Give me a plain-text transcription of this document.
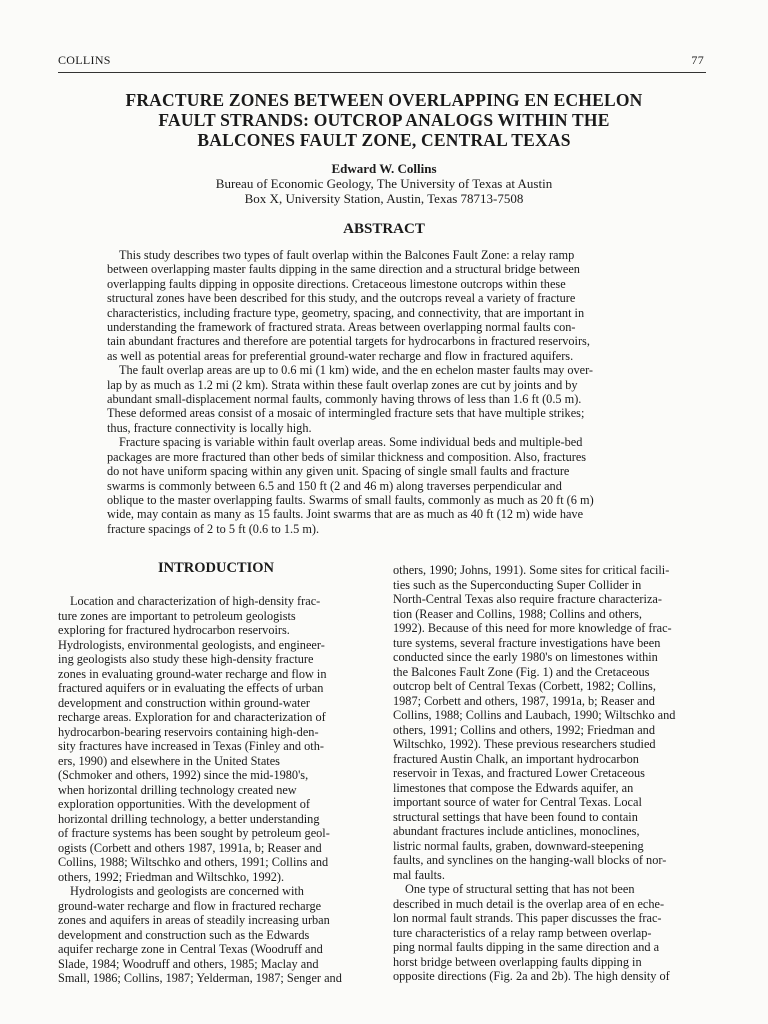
COLLINS	77
FRACTURE ZONES BETWEEN OVERLAPPING EN ECHELON
FAULT STRANDS: OUTCROP ANALOGS WITHIN THE
BALCONES FAULT ZONE, CENTRAL TEXAS
Edward W. Collins
Bureau of Economic Geology, The University of Texas at Austin
Box X, University Station, Austin, Texas 78713-7508
ABSTRACT
This study describes two types of fault overlap within the Balcones Fault Zone: a relay ramp
between overlapping master faults dipping in the same direction and a structural bridge between
overlapping faults dipping in opposite directions. Cretaceous limestone outcrops within these
structural zones have been described for this study, and the outcrops reveal a variety of fracture
characteristics, including fracture type, geometry, spacing, and connectivity, that are important in
understanding the framework of fractured strata. Areas between overlapping normal faults con-
tain abundant fractures and therefore are potential targets for hydrocarbons in fractured reservoirs,
as well as potential areas for preferential ground-water recharge and flow in fractured aquifers.
The fault overlap areas are up to 0.6 mi (1 km) wide, and the en echelon master faults may over-
lap by as much as 1.2 mi (2 km). Strata within these fault overlap zones are cut by joints and by
abundant small-displacement normal faults, commonly having throws of less than 1.6 ft (0.5 m).
These deformed areas consist of a mosaic of intermingled fracture sets that have multiple strikes;
thus, fracture connectivity is locally high.
Fracture spacing is variable within fault overlap areas. Some individual beds and multiple-bed
packages are more fractured than other beds of similar thickness and composition. Also, fractures
do not have uniform spacing within any given unit. Spacing of single small faults and fracture
swarms is commonly between 6.5 and 150 ft (2 and 46 m) along traverses perpendicular and
oblique to the master overlapping faults. Swarms of small faults, commonly as much as 20 ft (6 m)
wide, may contain as many as 15 faults. Joint swarms that are as much as 40 ft (12 m) wide have
fracture spacings of 2 to 5 ft (0.6 to 1.5 m).
INTRODUCTION
Location and characterization of high-density frac-
ture zones are important to petroleum geologists
exploring for fractured hydrocarbon reservoirs.
Hydrologists, environmental geologists, and engineer-
ing geologists also study these high-density fracture
zones in evaluating ground-water recharge and flow in
fractured aquifers or in evaluating the effects of urban
development and construction within ground-water
recharge areas. Exploration for and characterization of
hydrocarbon-bearing reservoirs containing high-den-
sity fractures have increased in Texas (Finley and oth-
ers, 1990) and elsewhere in the United States
(Schmoker and others, 1992) since the mid-1980's,
when horizontal drilling technology created new
exploration opportunities. With the development of
horizontal drilling technology, a better understanding
of fracture systems has been sought by petroleum geol-
ogists (Corbett and others 1987, 1991a, b; Reaser and
Collins, 1988; Wiltschko and others, 1991; Collins and
others, 1992; Friedman and Wiltschko, 1992).
Hydrologists and geologists are concerned with
ground-water recharge and flow in fractured recharge
zones and aquifers in areas of steadily increasing urban
development and construction such as the Edwards
aquifer recharge zone in Central Texas (Woodruff and
Slade, 1984; Woodruff and others, 1985; Maclay and
Small, 1986; Collins, 1987; Yelderman, 1987; Senger and
others, 1990; Johns, 1991). Some sites for critical facili-
ties such as the Superconducting Super Collider in
North-Central Texas also require fracture characteriza-
tion (Reaser and Collins, 1988; Collins and others,
1992). Because of this need for more knowledge of frac-
ture systems, several fracture investigations have been
conducted since the early 1980's on limestones within
the Balcones Fault Zone (Fig. 1) and the Cretaceous
outcrop belt of Central Texas (Corbett, 1982; Collins,
1987; Corbett and others, 1987, 1991a, b; Reaser and
Collins, 1988; Collins and Laubach, 1990; Wiltschko and
others, 1991; Collins and others, 1992; Friedman and
Wiltschko, 1992). These previous researchers studied
fractured Austin Chalk, an important hydrocarbon
reservoir in Texas, and fractured Lower Cretaceous
limestones that compose the Edwards aquifer, an
important source of water for Central Texas. Local
structural settings that have been found to contain
abundant fractures include anticlines, monoclines,
listric normal faults, graben, downward-steepening
faults, and synclines on the hanging-wall blocks of nor-
mal faults.
One type of structural setting that has not been
described in much detail is the overlap area of en eche-
lon normal fault strands. This paper discusses the frac-
ture characteristics of a relay ramp between overlap-
ping normal faults dipping in the same direction and a
horst bridge between overlapping faults dipping in
opposite directions (Fig. 2a and 2b). The high density of
